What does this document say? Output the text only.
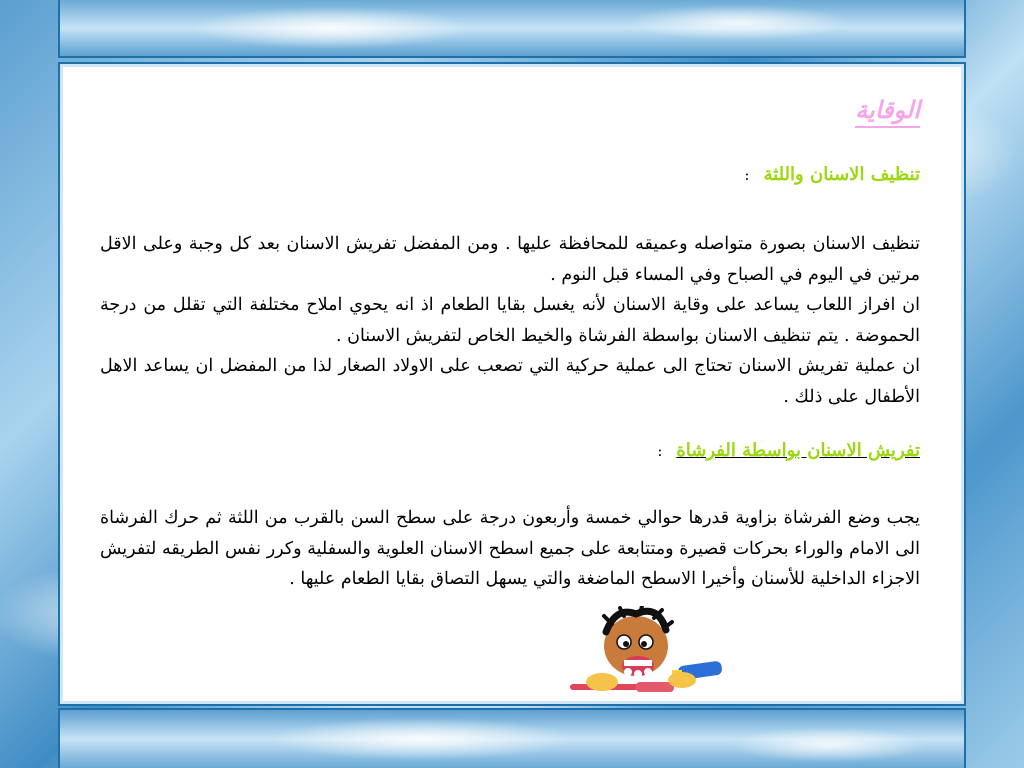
الوقاية
تنظيف الاسنان واللثة:

تنظيف الاسنان بصورة متواصله وعميقه للمحافظة عليها . ومن المفضل تفريش الاسنان بعد كل وجبة وعلى الاقل مرتين في اليوم في الصباح وفي المساء قبل النوم .

ان افراز اللعاب يساعد على وقاية الاسنان لأنه يغسل بقايا الطعام اذ انه يحوي املاح مختلفة التي تقلل من درجة الحموضة . يتم تنظيف الاسنان بواسطة الفرشاة والخيط الخاص لتفريش الاسنان .

ان عملية تفريش الاسنان تحتاج الى عملية حركية التي تصعب على الاولاد الصغار لذا من المفضل ان يساعد الاهل الأطفال على ذلك .

تفريش الاسنان بواسطة الفرشاة:

يجب وضع الفرشاة بزاوية قدرها حوالي خمسة وأربعون درجة على سطح السن بالقرب من اللثة ثم حرك الفرشاة الى الامام والوراء بحركات قصيرة ومتتابعة على جميع اسطح الاسنان العلوية والسفلية وكرر نفس الطريقه لتفريش الاجزاء الداخلية للأسنان وأخيرا الاسطح الماضغة والتي يسهل التصاق بقايا الطعام عليها .
